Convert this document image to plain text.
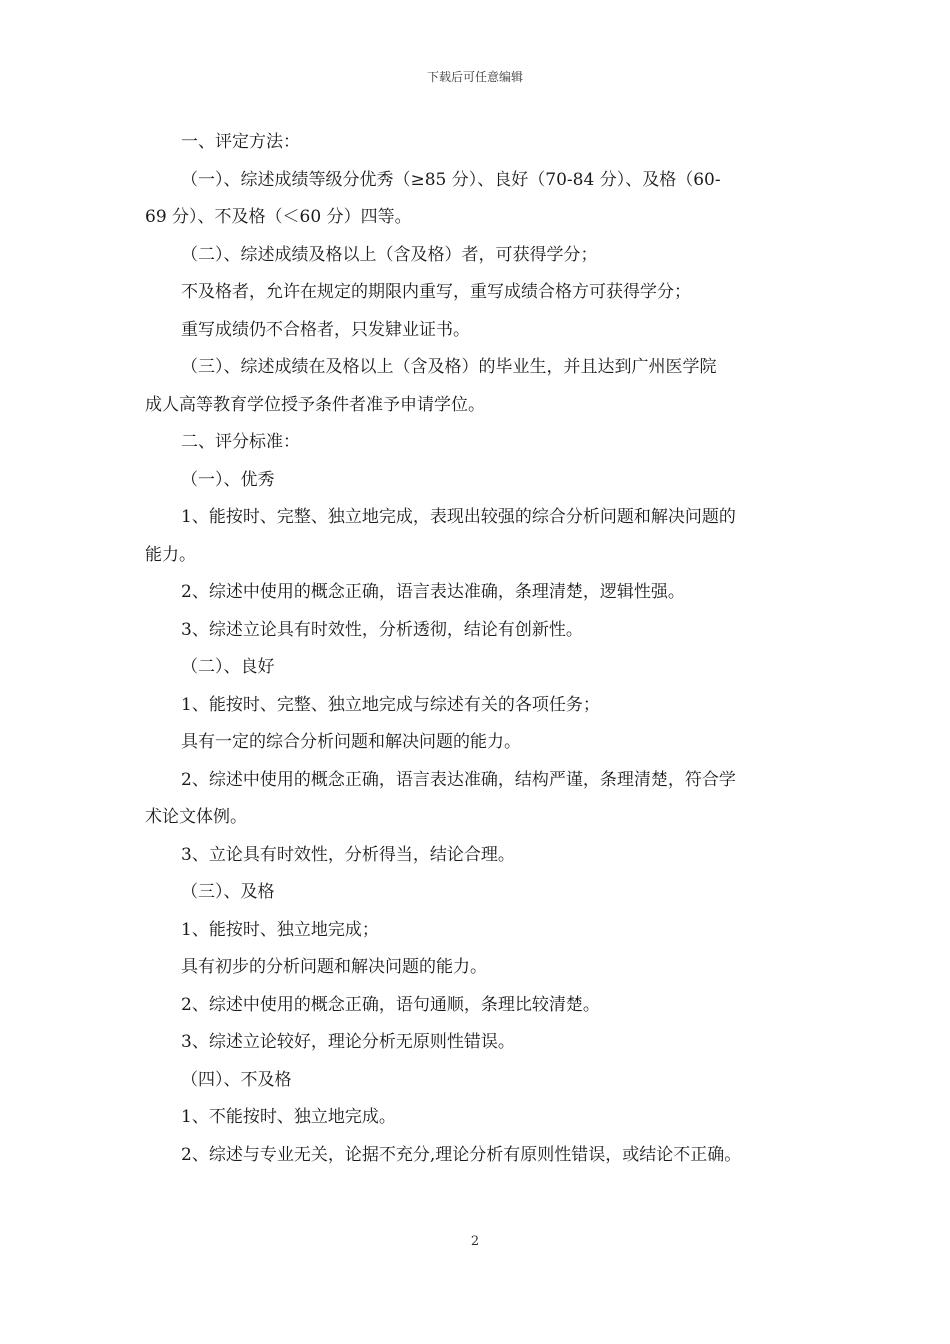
下载后可任意编辑
一、评定方法：
（一）、综述成绩等级分优秀（≥85 分）、良好（70-84 分）、及格（60-
69 分）、不及格（＜60 分）四等。
（二）、综述成绩及格以上（含及格）者，可获得学分；
不及格者，允许在规定的期限内重写，重写成绩合格方可获得学分；
重写成绩仍不合格者，只发肄业证书。
（三）、综述成绩在及格以上（含及格）的毕业生，并且达到广州医学院
成人高等教育学位授予条件者准予申请学位。
二、评分标准：
（一）、优秀
1、能按时、完整、独立地完成，表现出较强的综合分析问题和解决问题的
能力。
2、综述中使用的概念正确，语言表达准确，条理清楚，逻辑性强。
3、综述立论具有时效性，分析透彻，结论有创新性。
（二）、良好
1、能按时、完整、独立地完成与综述有关的各项任务；
具有一定的综合分析问题和解决问题的能力。
2、综述中使用的概念正确，语言表达准确，结构严谨，条理清楚，符合学
术论文体例。
3、立论具有时效性，分析得当，结论合理。
（三）、及格
1、能按时、独立地完成；
具有初步的分析问题和解决问题的能力。
2、综述中使用的概念正确，语句通顺，条理比较清楚。
3、综述立论较好，理论分析无原则性错误。
（四）、不及格
1、不能按时、独立地完成。
2、综述与专业无关，论据不充分,理论分析有原则性错误，或结论不正确。
2
